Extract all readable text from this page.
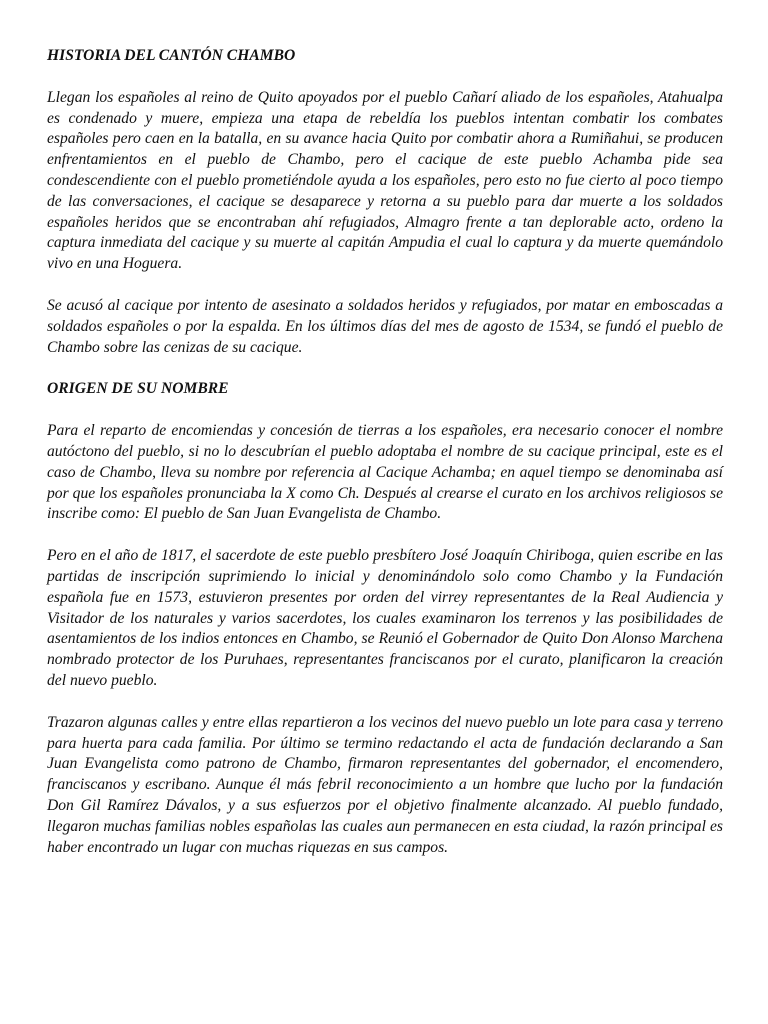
HISTORIA DEL CANTÓN CHAMBO

Llegan los españoles al reino de Quito apoyados por el pueblo Cañarí aliado de los españoles, Atahualpa es condenado y muere, empieza una etapa de rebeldía los pueblos intentan combatir los combates españoles pero caen en la batalla, en su avance hacia Quito por combatir ahora a Rumiñahui, se producen enfrentamientos en el pueblo de Chambo, pero el cacique de este pueblo Achamba pide sea condescendiente con el pueblo prometiéndole ayuda a los españoles, pero esto no fue cierto al poco tiempo de las conversaciones, el cacique se desaparece y retorna a su pueblo para dar muerte a los soldados españoles heridos que se encontraban ahí refugiados, Almagro frente a tan deplorable acto, ordeno la captura inmediata del cacique y su muerte al capitán Ampudia el cual lo captura y da muerte quemándolo vivo en una Hoguera.

Se acusó al cacique por intento de asesinato a soldados heridos y refugiados, por matar en emboscadas a soldados españoles o por la espalda. En los últimos días del mes de agosto de 1534, se fundó el pueblo de Chambo sobre las cenizas de su cacique.

ORIGEN DE SU NOMBRE

Para el reparto de encomiendas y concesión de tierras a los españoles, era necesario conocer el nombre autóctono del pueblo, si no lo descubrían el pueblo adoptaba el nombre de su cacique principal, este es el caso de Chambo, lleva su nombre por referencia al Cacique Achamba; en aquel tiempo se denominaba así por que los españoles pronunciaba la X como Ch. Después al crearse el curato en los archivos religiosos se inscribe como: El pueblo de San Juan Evangelista de Chambo.

Pero en el año de 1817, el sacerdote de este pueblo presbítero José Joaquín Chiriboga, quien escribe en las partidas de inscripción suprimiendo lo inicial y denominándolo solo como Chambo y la Fundación española fue en 1573, estuvieron presentes por orden del virrey representantes de la Real Audiencia y Visitador de los naturales y varios sacerdotes, los cuales examinaron los terrenos y las posibilidades de asentamientos de los indios entonces en Chambo, se Reunió el Gobernador de Quito Don Alonso Marchena nombrado protector de los Puruhaes, representantes franciscanos por el curato, planificaron la creación del nuevo pueblo.

Trazaron algunas calles y entre ellas repartieron a los vecinos del nuevo pueblo un lote para casa y terreno para huerta para cada familia. Por último se termino redactando el acta de fundación declarando a San Juan Evangelista como patrono de Chambo, firmaron representantes del gobernador, el encomendero, franciscanos y escribano. Aunque él más febril reconocimiento a un hombre que lucho por la fundación Don Gil Ramírez Dávalos, y a sus esfuerzos por el objetivo finalmente alcanzado. Al pueblo fundado, llegaron muchas familias nobles españolas las cuales aun permanecen en esta ciudad, la razón principal es haber encontrado un lugar con muchas riquezas en sus campos.
